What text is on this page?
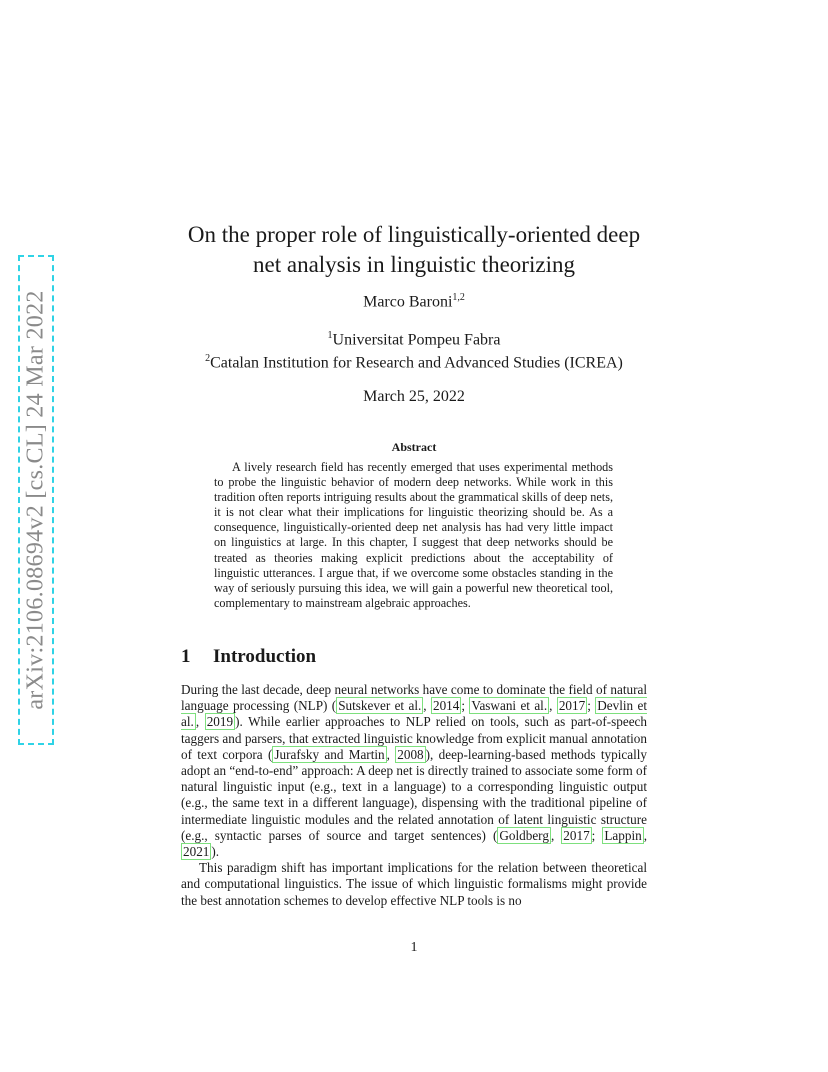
arXiv:2106.08694v2 [cs.CL] 24 Mar 2022
On the proper role of linguistically-oriented deep
net analysis in linguistic theorizing
Marco Baroni$^{1,2}$
$^1$Universitat Pompeu Fabra
$^2$Catalan Institution for Research and Advanced Studies (ICREA)
March 25, 2022
Abstract
A lively research field has recently emerged that uses experimental methods to probe the linguistic behavior of modern deep networks. While work in this tradition often reports intriguing results about the grammatical skills of deep nets, it is not clear what their implications for linguistic theorizing should be. As a consequence, linguistically-oriented deep net analysis has had very little impact on linguistics at large. In this chapter, I suggest that deep networks should be treated as theories making explicit predictions about the acceptability of linguistic utterances. I argue that, if we overcome some obstacles standing in the way of seriously pursuing this idea, we will gain a powerful new theoretical tool, complementary to mainstream algebraic approaches.
1 Introduction

During the last decade, deep neural networks have come to dominate the field of natural language processing (NLP) ( Sutskever et al. , 2014 ; Vaswani et al. , 2017 ; Devlin et al. , 2019 ). While earlier approaches to NLP relied on tools, such as part-of-speech taggers and parsers, that extracted linguistic knowledge from explicit manual annotation of text corpora ( Jurafsky and Martin , 2008 ), deep-learning-based methods typically adopt an “end-to-end” approach: A deep net is directly trained to associate some form of natural linguistic input (e.g., text in a language) to a corresponding linguistic output (e.g., the same text in a different language), dispensing with the traditional pipeline of intermediate linguistic modules and the related annotation of latent linguistic structure (e.g., syntactic parses of source and target sentences) ( Goldberg , 2017 ; Lappin , 2021 ).

This paradigm shift has important implications for the relation between theoretical and computational linguistics. The issue of which linguistic formalisms might provide the best annotation schemes to develop effective NLP tools is no

1
